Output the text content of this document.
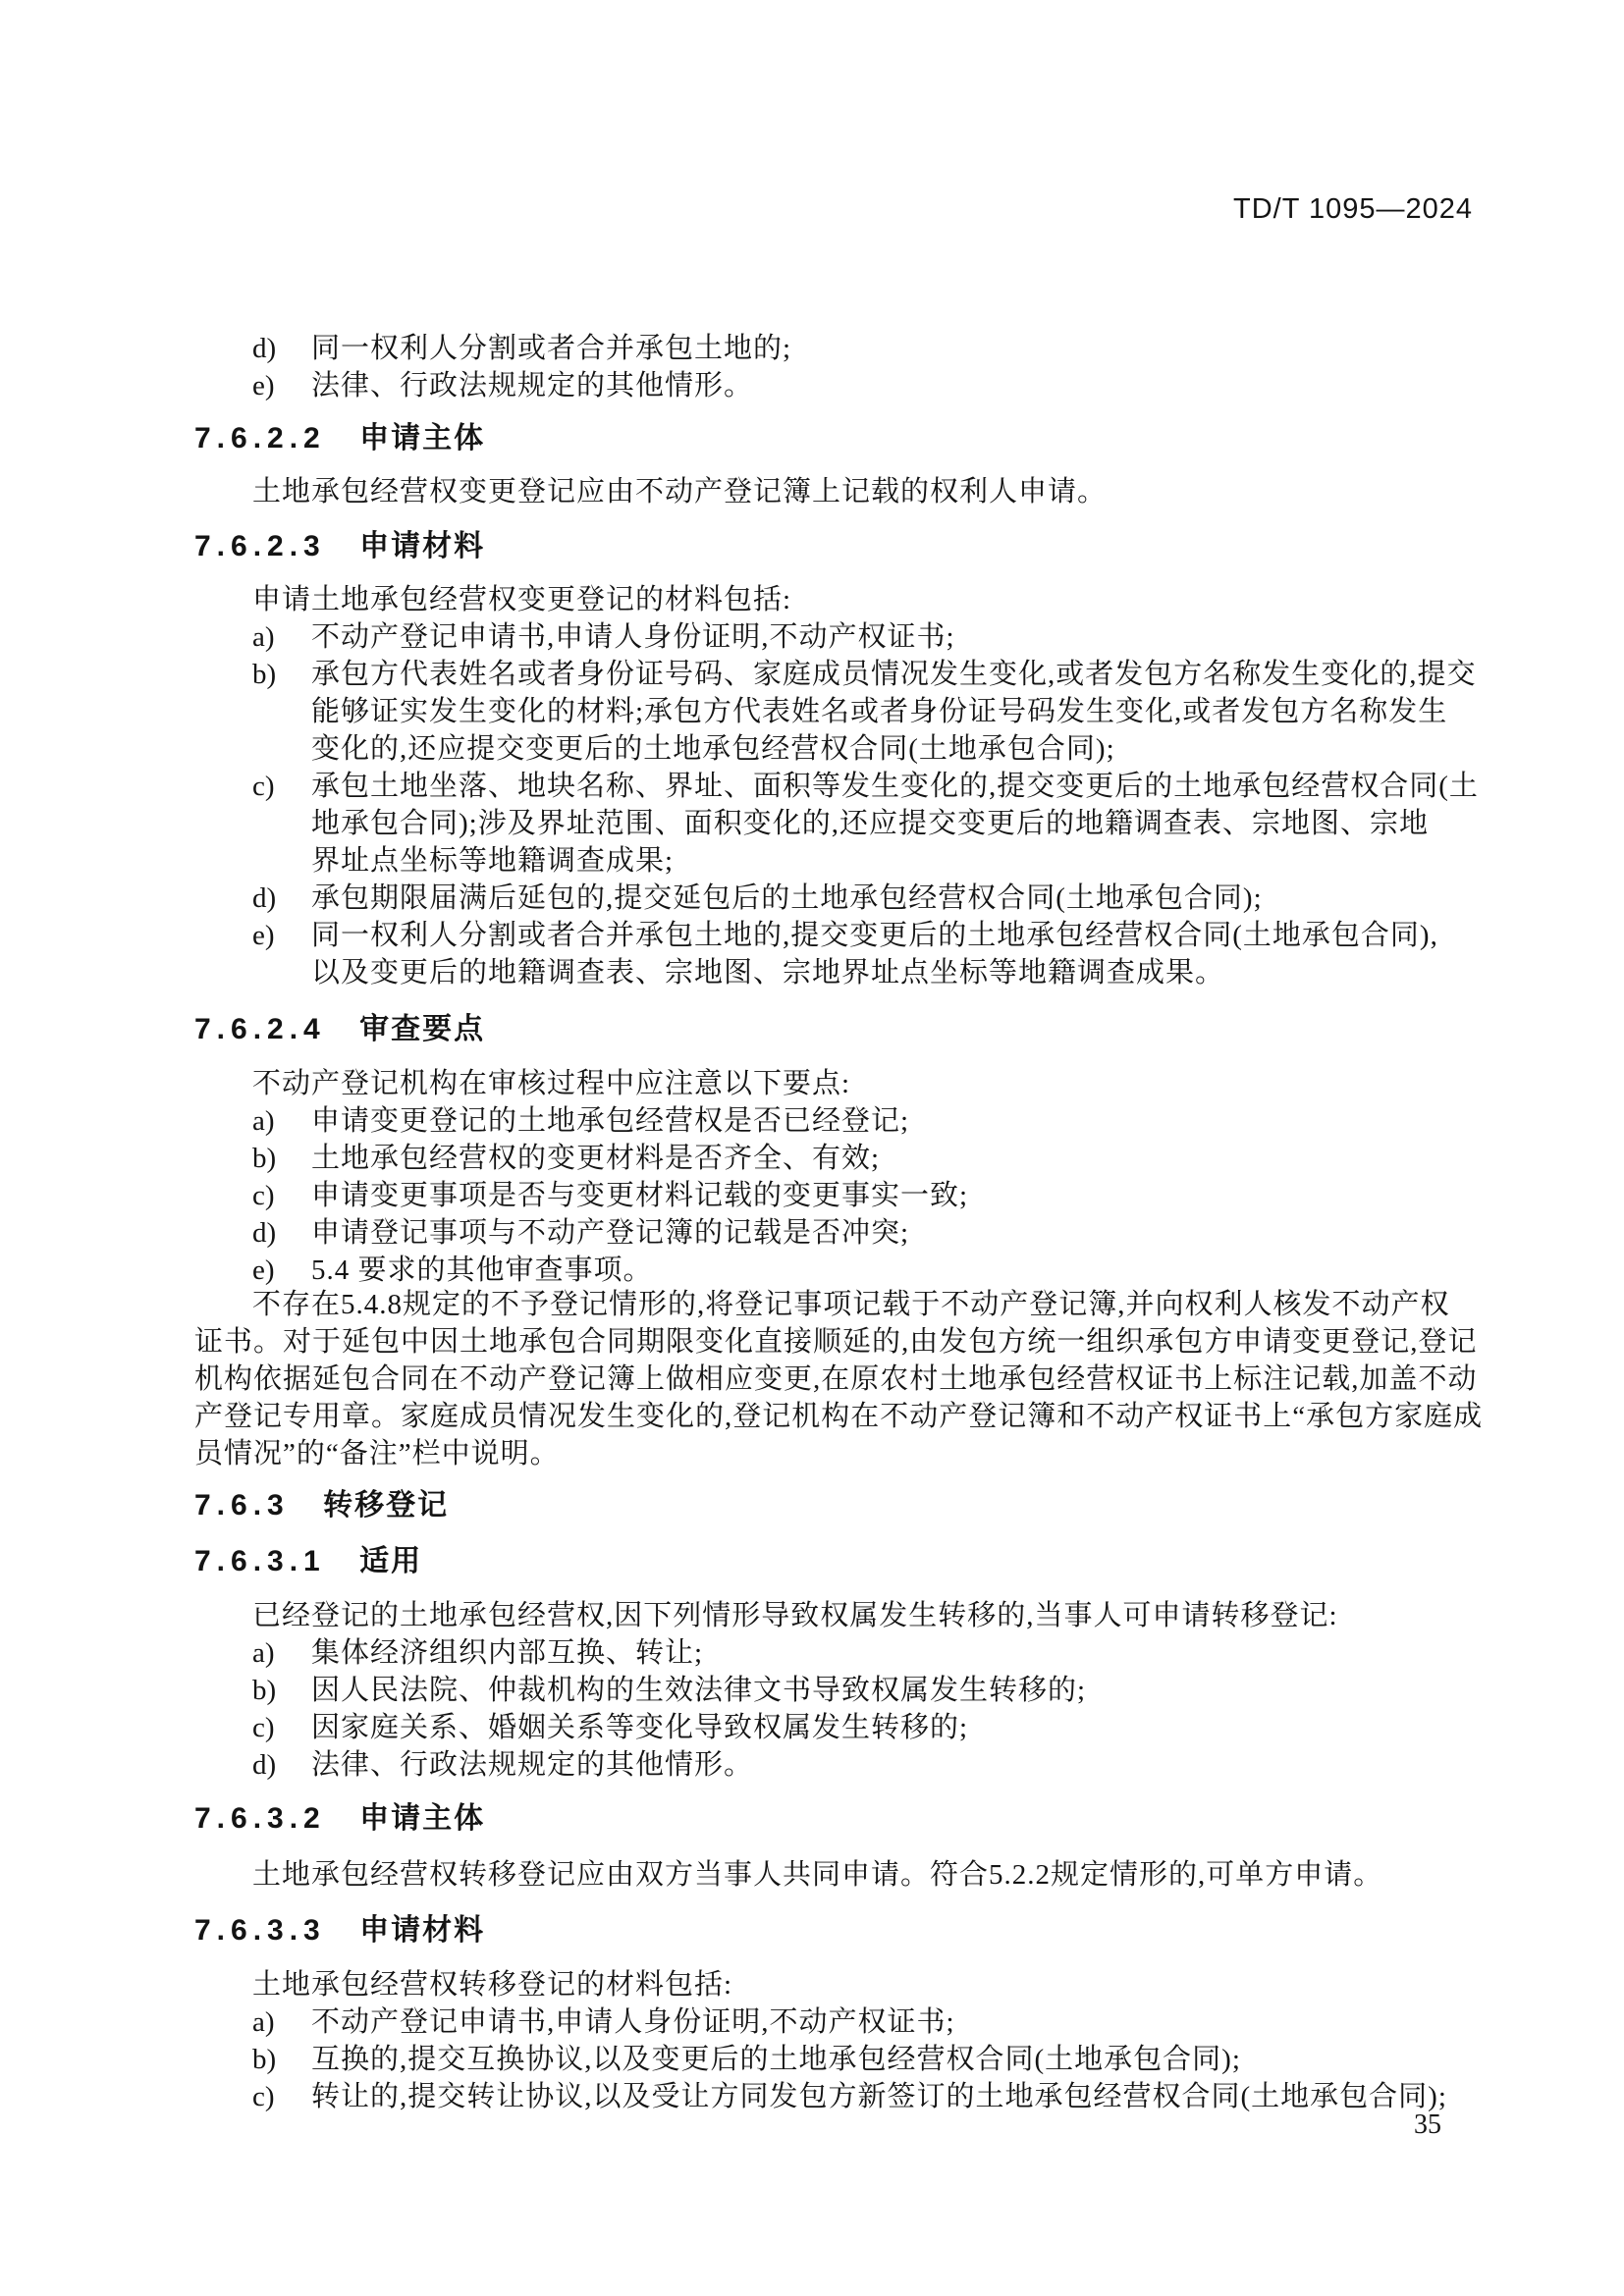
TD/T 1095—2024
d) 同一权利人分割或者合并承包土地的;
e) 法律、行政法规规定的其他情形。
7.6.2.2 申请主体
土地承包经营权变更登记应由不动产登记簿上记载的权利人申请。
7.6.2.3 申请材料
申请土地承包经营权变更登记的材料包括:
a) 不动产登记申请书,申请人身份证明,不动产权证书;
b) 承包方代表姓名或者身份证号码、家庭成员情况发生变化,或者发包方名称发生变化的,提交
能够证实发生变化的材料;承包方代表姓名或者身份证号码发生变化,或者发包方名称发生
变化的,还应提交变更后的土地承包经营权合同(土地承包合同);
c) 承包土地坐落、地块名称、界址、面积等发生变化的,提交变更后的土地承包经营权合同(土
地承包合同);涉及界址范围、面积变化的,还应提交变更后的地籍调查表、宗地图、宗地
界址点坐标等地籍调查成果;
d) 承包期限届满后延包的,提交延包后的土地承包经营权合同(土地承包合同);
e) 同一权利人分割或者合并承包土地的,提交变更后的土地承包经营权合同(土地承包合同),
以及变更后的地籍调查表、宗地图、宗地界址点坐标等地籍调查成果。
7.6.2.4 审查要点
不动产登记机构在审核过程中应注意以下要点:
a) 申请变更登记的土地承包经营权是否已经登记;
b) 土地承包经营权的变更材料是否齐全、有效;
c) 申请变更事项是否与变更材料记载的变更事实一致;
d) 申请登记事项与不动产登记簿的记载是否冲突;
e) 5.4 要求的其他审查事项。
不存在5.4.8规定的不予登记情形的,将登记事项记载于不动产登记簿,并向权利人核发不动产权
证书。对于延包中因土地承包合同期限变化直接顺延的,由发包方统一组织承包方申请变更登记,登记
机构依据延包合同在不动产登记簿上做相应变更,在原农村土地承包经营权证书上标注记载,加盖不动
产登记专用章。家庭成员情况发生变化的,登记机构在不动产登记簿和不动产权证书上“承包方家庭成
员情况”的“备注”栏中说明。
7.6.3 转移登记
7.6.3.1 适用
已经登记的土地承包经营权,因下列情形导致权属发生转移的,当事人可申请转移登记:
a) 集体经济组织内部互换、转让;
b) 因人民法院、仲裁机构的生效法律文书导致权属发生转移的;
c) 因家庭关系、婚姻关系等变化导致权属发生转移的;
d) 法律、行政法规规定的其他情形。
7.6.3.2 申请主体
土地承包经营权转移登记应由双方当事人共同申请。符合5.2.2规定情形的,可单方申请。
7.6.3.3 申请材料
土地承包经营权转移登记的材料包括:
a) 不动产登记申请书,申请人身份证明,不动产权证书;
b) 互换的,提交互换协议,以及变更后的土地承包经营权合同(土地承包合同);
c) 转让的,提交转让协议,以及受让方同发包方新签订的土地承包经营权合同(土地承包合同);
35
